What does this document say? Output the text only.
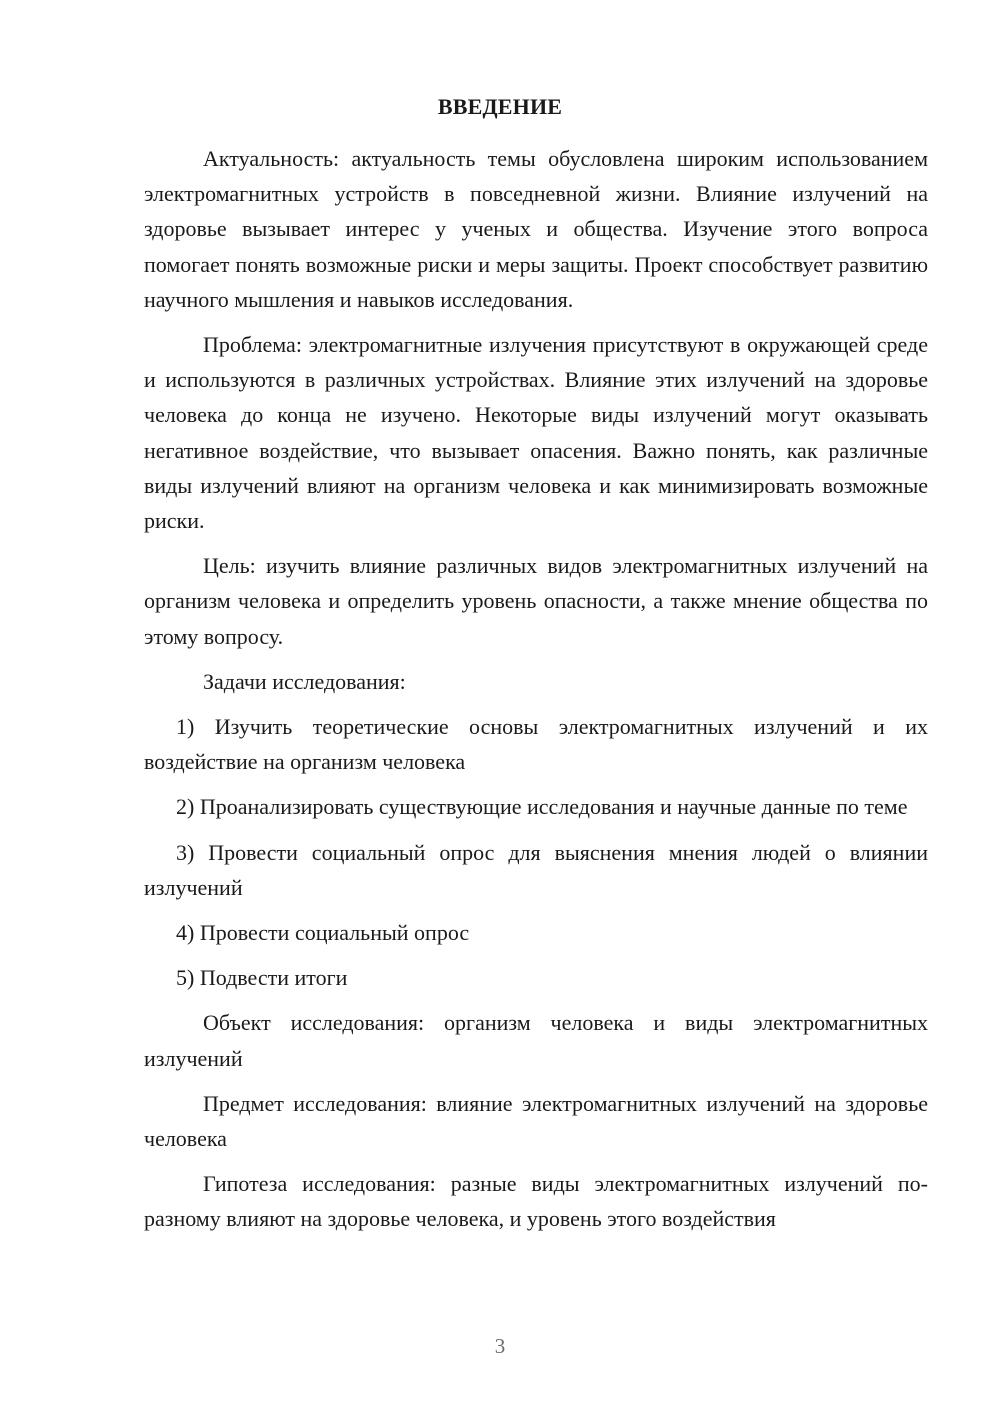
ВВЕДЕНИЕ

Актуальность: актуальность темы обусловлена широким использованием электромагнитных устройств в повседневной жизни. Влияние излучений на здоровье вызывает интерес у ученых и общества. Изучение этого вопроса помогает понять возможные риски и меры защиты. Проект способствует развитию научного мышления и навыков исследования.

Проблема: электромагнитные излучения присутствуют в окружающей среде и используются в различных устройствах. Влияние этих излучений на здоровье человека до конца не изучено. Некоторые виды излучений могут оказывать негативное воздействие, что вызывает опасения. Важно понять, как различные виды излучений влияют на организм человека и как минимизировать возможные риски.

Цель: изучить влияние различных видов электромагнитных излучений на организм человека и определить уровень опасности, а также мнение общества по этому вопросу.

Задачи исследования:

1) Изучить теоретические основы электромагнитных излучений и их воздействие на организм человека

2) Проанализировать существующие исследования и научные данные по теме

3) Провести социальный опрос для выяснения мнения людей о влиянии излучений

4) Провести социальный опрос

5) Подвести итоги

Объект исследования: организм человека и виды электромагнитных излучений

Предмет исследования: влияние электромагнитных излучений на здоровье человека

Гипотеза исследования: разные виды электромагнитных излучений по-разному влияют на здоровье человека, и уровень этого воздействия

3
